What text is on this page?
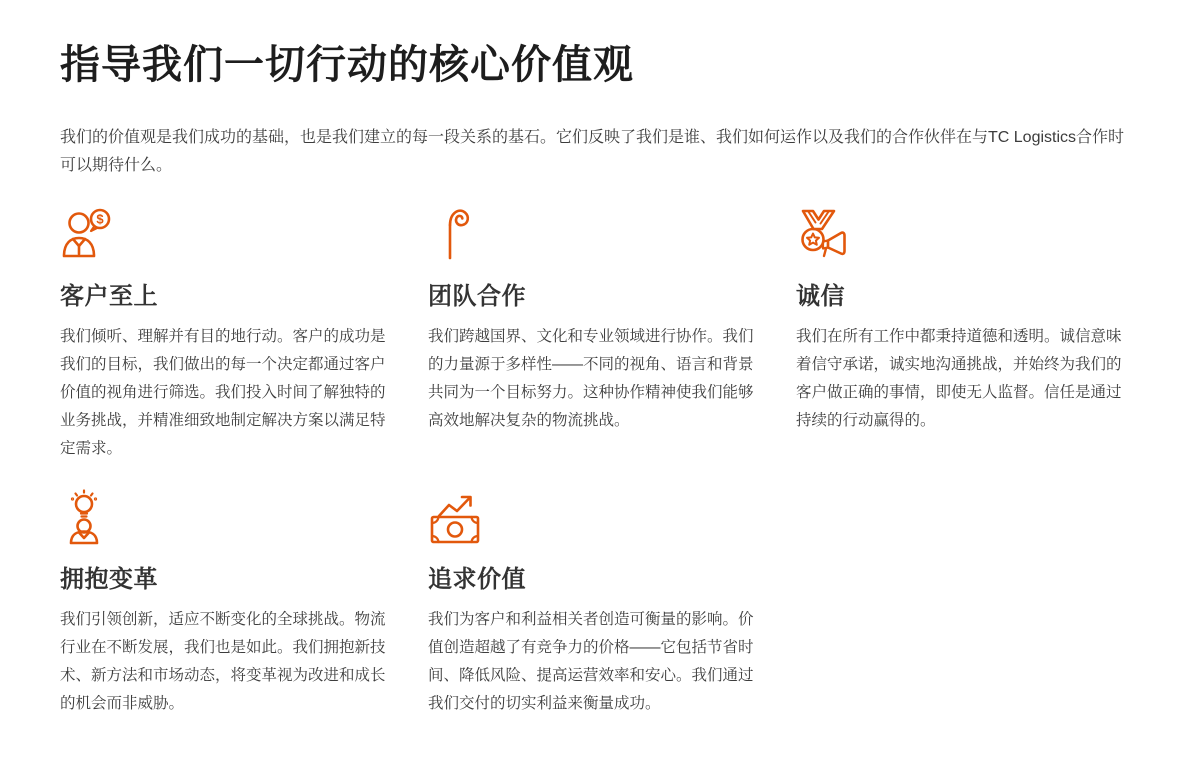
指导我们一切行动的核心价值观

我们的价值观是我们成功的基础，也是我们建立的每一段关系的基石。它们反映了我们是谁、我们如何运作以及我们的合作伙伴在与TC Logistics合作时可以期待什么。

$
客户至上

我们倾听、理解并有目的地行动。客户的成功是我们的目标，我们做出的每一个决定都通过客户价值的视角进行筛选。我们投入时间了解独特的业务挑战，并精准细致地制定解决方案以满足特定需求。

团队合作

我们跨越国界、文化和专业领域进行协作。我们的力量源于多样性——不同的视角、语言和背景共同为一个目标努力。这种协作精神使我们能够高效地解决复杂的物流挑战。

诚信

我们在所有工作中都秉持道德和透明。诚信意味着信守承诺，诚实地沟通挑战，并始终为我们的客户做正确的事情，即使无人监督。信任是通过持续的行动赢得的。

拥抱变革

我们引领创新，适应不断变化的全球挑战。物流行业在不断发展，我们也是如此。我们拥抱新技术、新方法和市场动态，将变革视为改进和成长的机会而非威胁。

追求价值

我们为客户和利益相关者创造可衡量的影响。价值创造超越了有竞争力的价格——它包括节省时间、降低风险、提高运营效率和安心。我们通过我们交付的切实利益来衡量成功。
